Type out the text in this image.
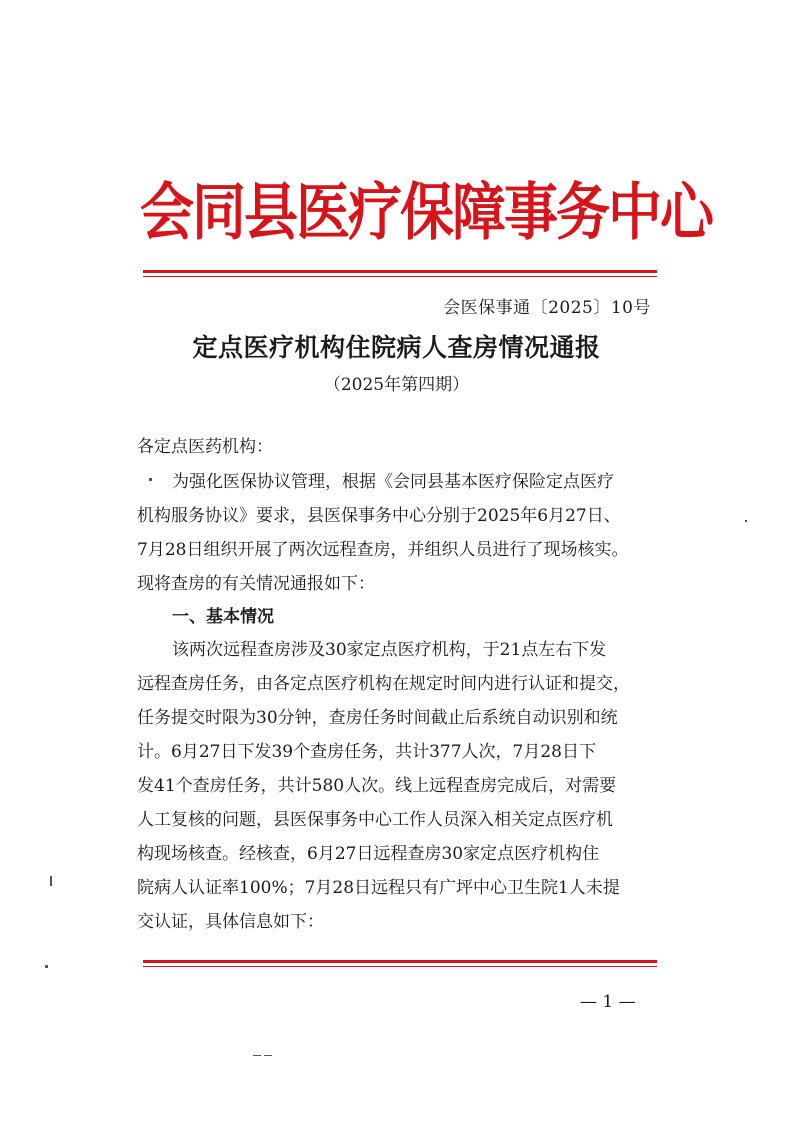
会同县医疗保障事务中心
会医保事通〔2025〕10号
定点医疗机构住院病人查房情况通报
（2025年第四期）
各定点医药机构：
为强化医保协议管理，根据《会同县基本医疗保险定点医疗
机构服务协议》要求，县医保事务中心分别于2025年6月27日、
7月28日组织开展了两次远程查房，并组织人员进行了现场核实。
现将查房的有关情况通报如下：
一、基本情况
该两次远程查房涉及30家定点医疗机构，于21点左右下发
远程查房任务，由各定点医疗机构在规定时间内进行认证和提交，
任务提交时限为30分钟，查房任务时间截止后系统自动识别和统
计。6月27日下发39个查房任务，共计377人次，7月28日下
发41个查房任务，共计580人次。线上远程查房完成后，对需要
人工复核的问题，县医保事务中心工作人员深入相关定点医疗机
构现场核查。经核查，6月27日远程查房30家定点医疗机构住
院病人认证率100%；7月28日远程只有广坪中心卫生院1人未提
交认证，具体信息如下：
— 1 —
